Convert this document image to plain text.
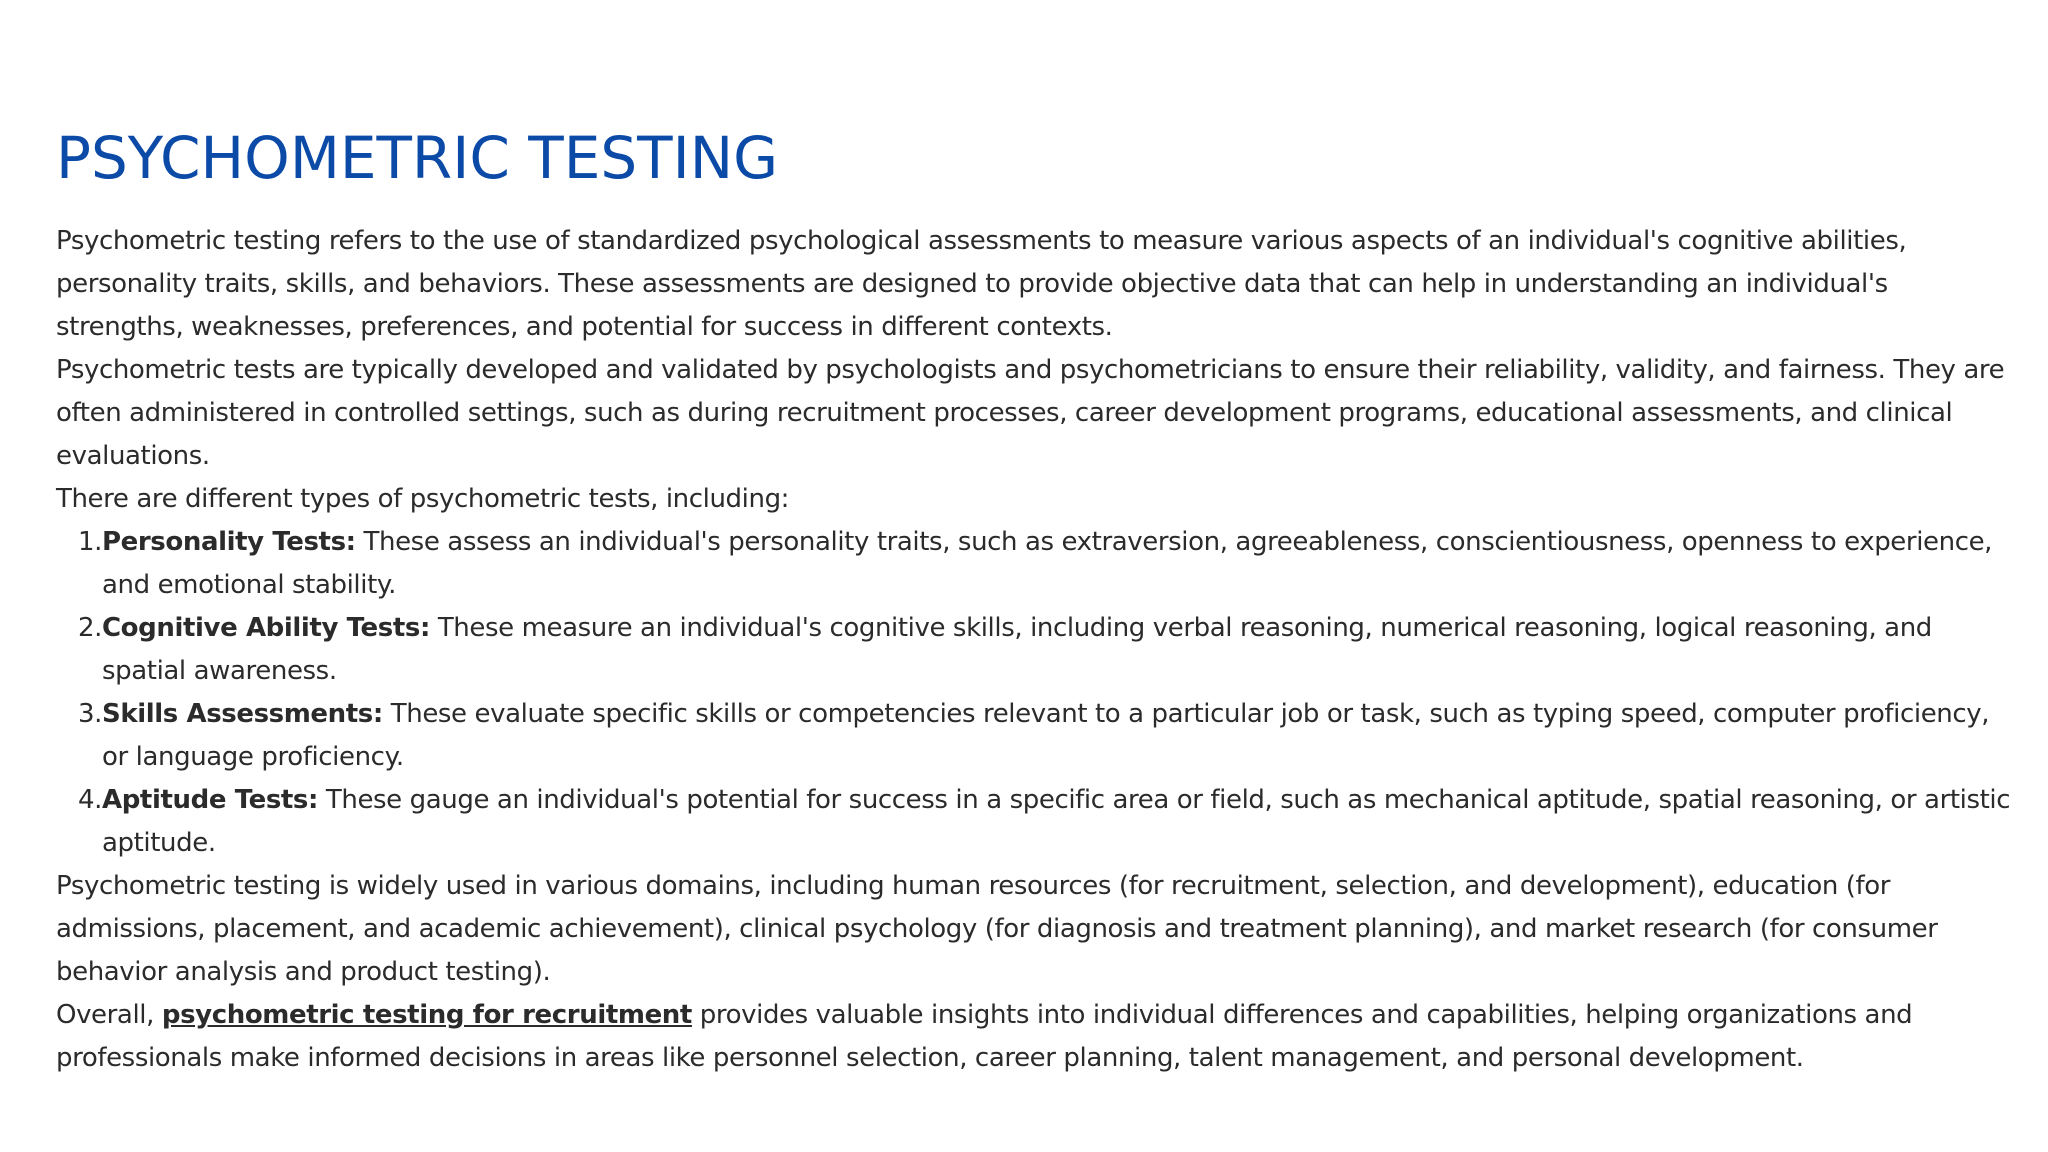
PSYCHOMETRIC TESTING

Psychometric testing refers to the use of standardized psychological assessments to measure various aspects of an individual's cognitive abilities, personality traits, skills, and behaviors. These assessments are designed to provide objective data that can help in understanding an individual's strengths, weaknesses, preferences, and potential for success in different contexts.

Psychometric tests are typically developed and validated by psychologists and psychometricians to ensure their reliability, validity, and fairness. They are often administered in controlled settings, such as during recruitment processes, career development programs, educational assessments, and clinical evaluations.

There are different types of psychometric tests, including:

1. Personality Tests: These assess an individual's personality traits, such as extraversion, agreeableness, conscientiousness, openness to experience, and emotional stability.
2. Cognitive Ability Tests: These measure an individual's cognitive skills, including verbal reasoning, numerical reasoning, logical reasoning, and spatial awareness.
3. Skills Assessments: These evaluate specific skills or competencies relevant to a particular job or task, such as typing speed, computer proficiency, or language proficiency.
4. Aptitude Tests: These gauge an individual's potential for success in a specific area or field, such as mechanical aptitude, spatial reasoning, or artistic aptitude.

Psychometric testing is widely used in various domains, including human resources (for recruitment, selection, and development), education (for admissions, placement, and academic achievement), clinical psychology (for diagnosis and treatment planning), and market research (for consumer behavior analysis and product testing).

Overall, psychometric testing for recruitment provides valuable insights into individual differences and capabilities, helping organizations and professionals make informed decisions in areas like personnel selection, career planning, talent management, and personal development.
